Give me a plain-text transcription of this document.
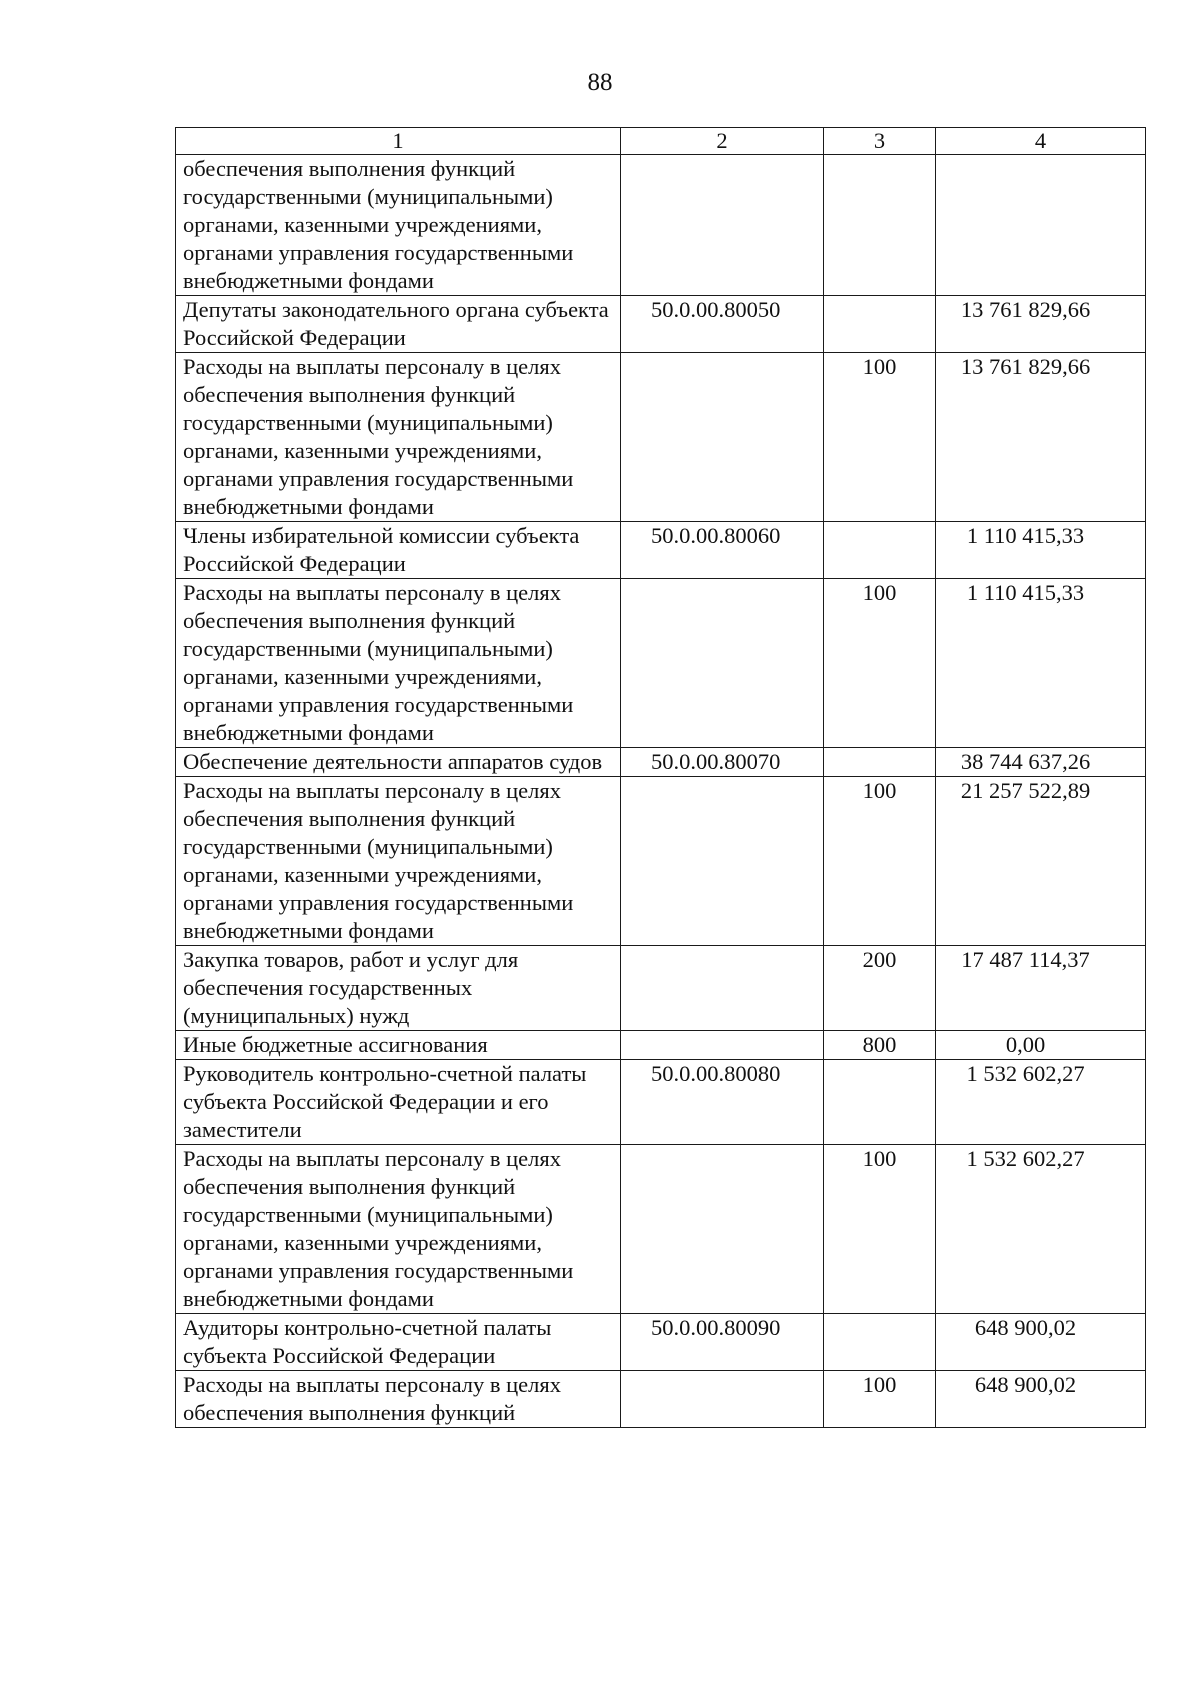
88
1	2	3	4
обеспечения выполнения функций государственными (муниципальными) органами, казенными учреждениями, органами управления государственными внебюджетными фондами			
Депутаты законодательного органа субъекта Российской Федерации	50.0.00.80050		13 761 829,66
Расходы на выплаты персоналу в целях обеспечения выполнения функций государственными (муниципальными) органами, казенными учреждениями, органами управления государственными внебюджетными фондами		100	13 761 829,66
Члены избирательной комиссии субъекта Российской Федерации	50.0.00.80060		1 110 415,33
Расходы на выплаты персоналу в целях обеспечения выполнения функций государственными (муниципальными) органами, казенными учреждениями, органами управления государственными внебюджетными фондами		100	1 110 415,33
Обеспечение деятельности аппаратов судов	50.0.00.80070		38 744 637,26
Расходы на выплаты персоналу в целях обеспечения выполнения функций государственными (муниципальными) органами, казенными учреждениями, органами управления государственными внебюджетными фондами		100	21 257 522,89
Закупка товаров, работ и услуг для обеспечения государственных (муниципальных) нужд		200	17 487 114,37
Иные бюджетные ассигнования		800	0,00
Руководитель контрольно-счетной палаты субъекта Российской Федерации и его заместители	50.0.00.80080		1 532 602,27
Расходы на выплаты персоналу в целях обеспечения выполнения функций государственными (муниципальными) органами, казенными учреждениями, органами управления государственными внебюджетными фондами		100	1 532 602,27
Аудиторы контрольно-счетной палаты субъекта Российской Федерации	50.0.00.80090		648 900,02
Расходы на выплаты персоналу в целях обеспечения выполнения функций		100	648 900,02
